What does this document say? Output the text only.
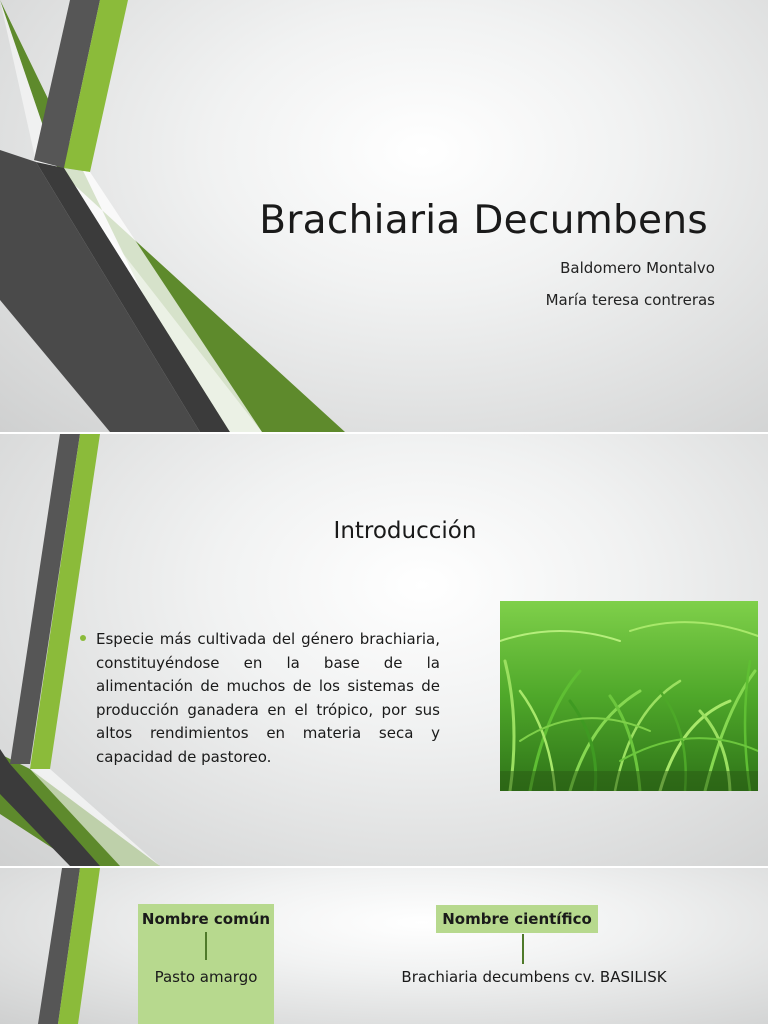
Brachiaria Decumbens
Baldomero Montalvo
María teresa contreras
Introducción
Especie más cultivada del género brachiaria, constituyéndose en la base de la alimentación de muchos de los sistemas de producción ganadera en el trópico, por sus altos rendimientos en materia seca y capacidad de pastoreo.
Nombre común
Pasto amargo
Nombre científico
Brachiaria decumbens cv. BASILISK
